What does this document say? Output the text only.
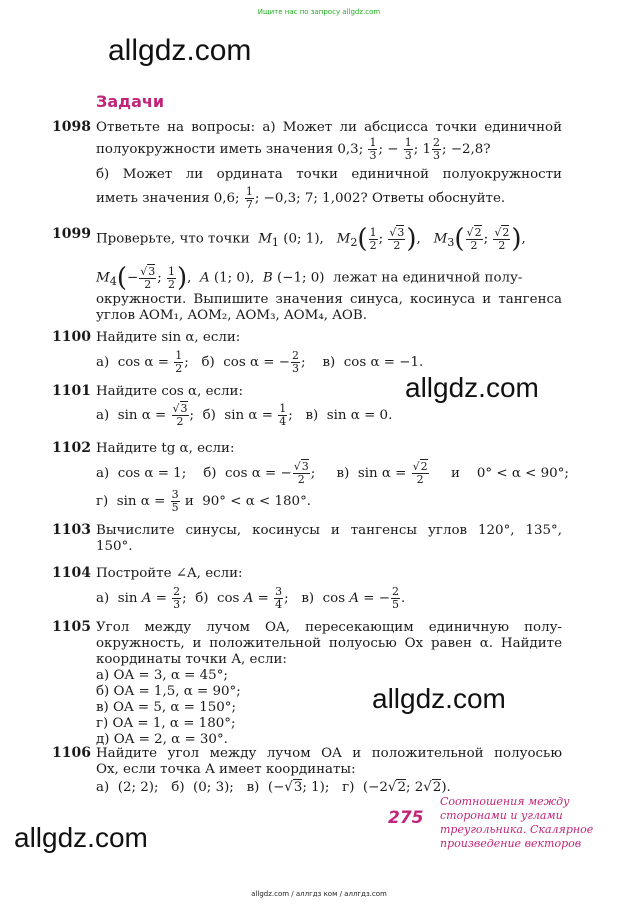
Ищите нас по запросу allgdz.com
allgdz.com
allgdz.com
allgdz.com
allgdz.com
Задачи
1098 Ответьте на вопросы: а) Может ли абсцисса точки единичной
полуокружности иметь значения 0,3; $\frac{1}{3}$ ; − $\frac{1}{3}$ ; $1 \frac{2}{3}$ ; −2,8?
б) Может ли ордината точки единичной полуокружности
иметь значения 0,6; $\frac{1}{7}$ ; −0,3; 7; 1,002? Ответы обоснуйте.
1099 Проверьте, что точки $M_1$ (0; 1), $M_2( \frac{1}{2}$ ; $\frac{√3}{2}$ ),   $M_3( \frac{√2}{2}$ ; $\frac{√2}{2}$ ),
$M_4(- \frac{√3}{2}$ ; $\frac{1}{2}$ ),  A (1; 0),  B (−1; 0)  лежат на единичной полу-
окружности. Выпишите значения синуса, косинуса и тангенса
углов AOM₁, AOM₂, AOM₃, AOM₄, AOB.
1100 Найдите sin α, если:
а)  $\cos \alpha = \frac{1}{2}$ ;   б)  cos α = − $\frac{2}{3}$ ;    в)  cos α = −1.
1101 Найдите cos α, если:
а)  $\sin \alpha = \frac{√3}{2}$ ;  б)  $\sin \alpha = \frac{1}{4}$ ;   в)  sin α = 0.
1102 Найдите tg α, если:
а)  cos α = 1;    б)  cos α = − $\frac{√3}{2}$ ;     в)  $\sin \alpha = \frac{√2}{2}$ и    0° < α < 90°;
г)  $\sin \alpha = \frac{3}{5}$ и  90° < α < 180°.
1103 Вычислите синусы, косинусы и тангенсы углов 120°, 135°,
150°.
1104 Постройте ∠A, если:
а)  $\sin A = \frac{2}{3}$ ;  б)  $\cos A = \frac{3}{4}$ ;   в)  cos A = − $\frac{2}{5}$ .
1105 Угол между лучом OA, пересекающим единичную полу-
окружность, и положительной полуосью Ox равен α. Найдите
координаты точки A, если:
а) OA = 3, α = 45°;
б) OA = 1,5, α = 90°;
в) OA = 5, α = 150°;
г) OA = 1, α = 180°;
д) OA = 2, α = 30°.
1106 Найдите угол между лучом OA и положительной полуосью
Ox, если точка A имеет координаты:
а)  (2; 2);   б)  (0; 3);   в)  (−√3; 1);   г)  (−2√2; 2√2).
275
Соотношения между
сторонами и углами
треугольника. Скалярное
произведение векторов
allgdz.com / аллгдз ком / аллгдз.com
